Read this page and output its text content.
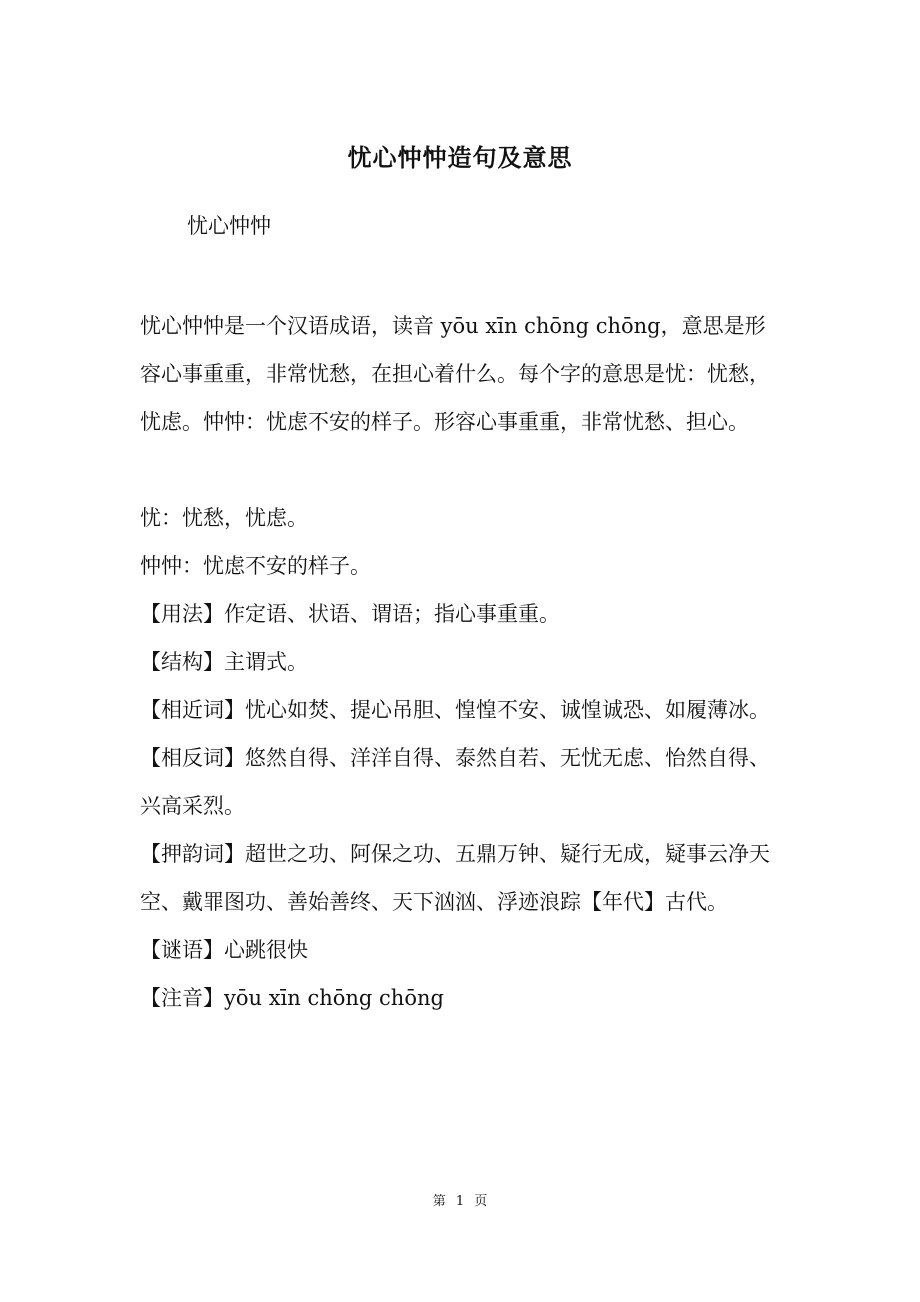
忧心忡忡造句及意思
忧心忡忡

忧心忡忡是一个汉语成语，读音 yōu xīn chōng chōng，意思是形容心事重重，非常忧愁，在担心着什么。每个字的意思是忧：忧愁，忧虑。忡忡：忧虑不安的样子。形容心事重重，非常忧愁、担心。

忧：忧愁，忧虑。

忡忡：忧虑不安的样子。

【用法】作定语、状语、谓语；指心事重重。

【结构】主谓式。

【相近词】忧心如焚、提心吊胆、惶惶不安、诚惶诚恐、如履薄冰。

【相反词】悠然自得、洋洋自得、泰然自若、无忧无虑、怡然自得、兴高采烈。

【押韵词】超世之功、阿保之功、五鼎万钟、疑行无成，疑事云净天空、戴罪图功、善始善终、天下汹汹、浮迹浪踪【年代】古代。

【谜语】心跳很快

【注音】yōu xīn chōng chōng

第 1 页
